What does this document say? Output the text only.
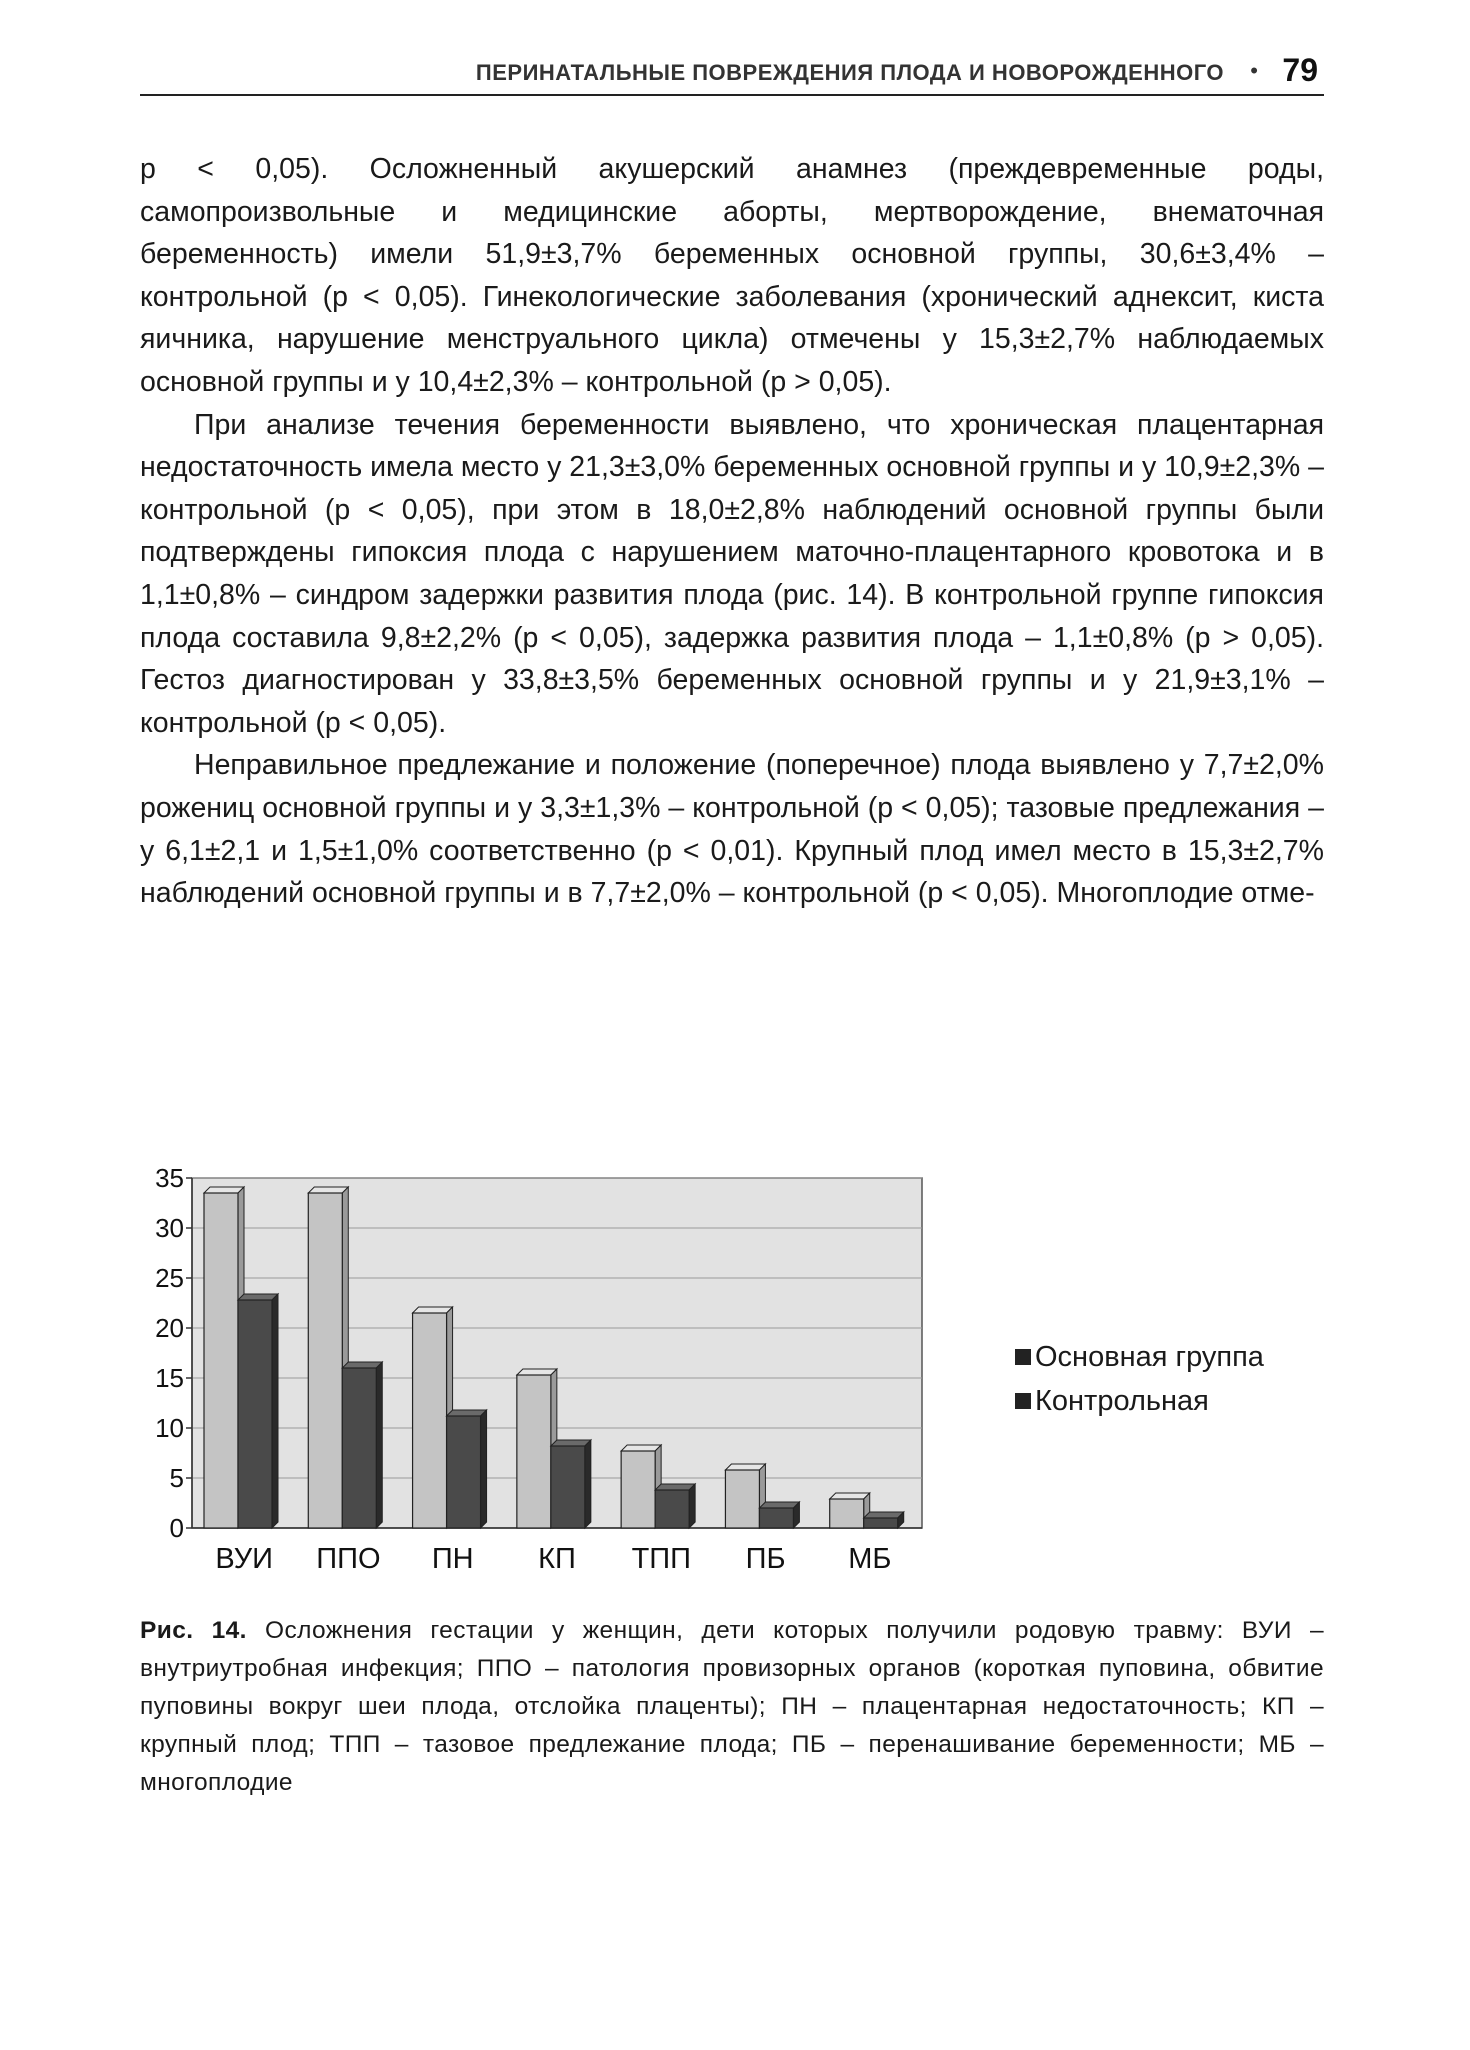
ПЕРИНАТАЛЬНЫЕ ПОВРЕЖДЕНИЯ ПЛОДА И НОВОРОЖДЕННОГО • 79

p < 0,05). Осложненный акушерский анамнез (преждевременные роды, самопроизвольные и медицинские аборты, мертворождение, внематочная беременность) имели 51,9±3,7% беременных основной группы, 30,6±3,4% – контрольной (p < 0,05). Гинекологические заболевания (хронический аднексит, киста яичника, нарушение менструального цикла) отмечены у 15,3±2,7% наблюдаемых основной группы и у 10,4±2,3% – контрольной (p > 0,05).

При анализе течения беременности выявлено, что хроническая плацентарная недостаточность имела место у 21,3±3,0% беременных основной группы и у 10,9±2,3% – контрольной (p < 0,05), при этом в 18,0±2,8% наблюдений основной группы были подтверждены гипоксия плода с нарушением маточно-плацентарного кровотока и в 1,1±0,8% – синдром задержки развития плода (рис. 14). В контрольной группе гипоксия плода составила 9,8±2,2% (p < 0,05), задержка развития плода – 1,1±0,8% (p > 0,05). Гестоз диагностирован у 33,8±3,5% беременных основной группы и у 21,9±3,1% – контрольной (p < 0,05).

Неправильное предлежание и положение (поперечное) плода выявлено у 7,7±2,0% рожениц основной группы и у 3,3±1,3% – контрольной (p < 0,05); тазовые предлежания – у 6,1±2,1 и 1,5±1,0% соответственно (p < 0,01). Крупный плод имел место в 15,3±2,7% наблюдений основной группы и в 7,7±2,0% – контрольной (p < 0,05). Многоплодие отме-

0
5
10
15
20
25
30
35
ВУИ ППО ПН КП ТПП ПБ МБ
Основная группа
Контрольная
Рис. 14. Осложнения гестации у женщин, дети которых получили родовую травму: ВУИ – внутриутробная инфекция; ППО – патология провизорных органов (короткая пуповина, обвитие пуповины вокруг шеи плода, отслойка плаценты); ПН – плацентарная недостаточность; КП – крупный плод; ТПП – тазовое предлежание плода; ПБ – перенашивание беременности; МБ – многоплодие
